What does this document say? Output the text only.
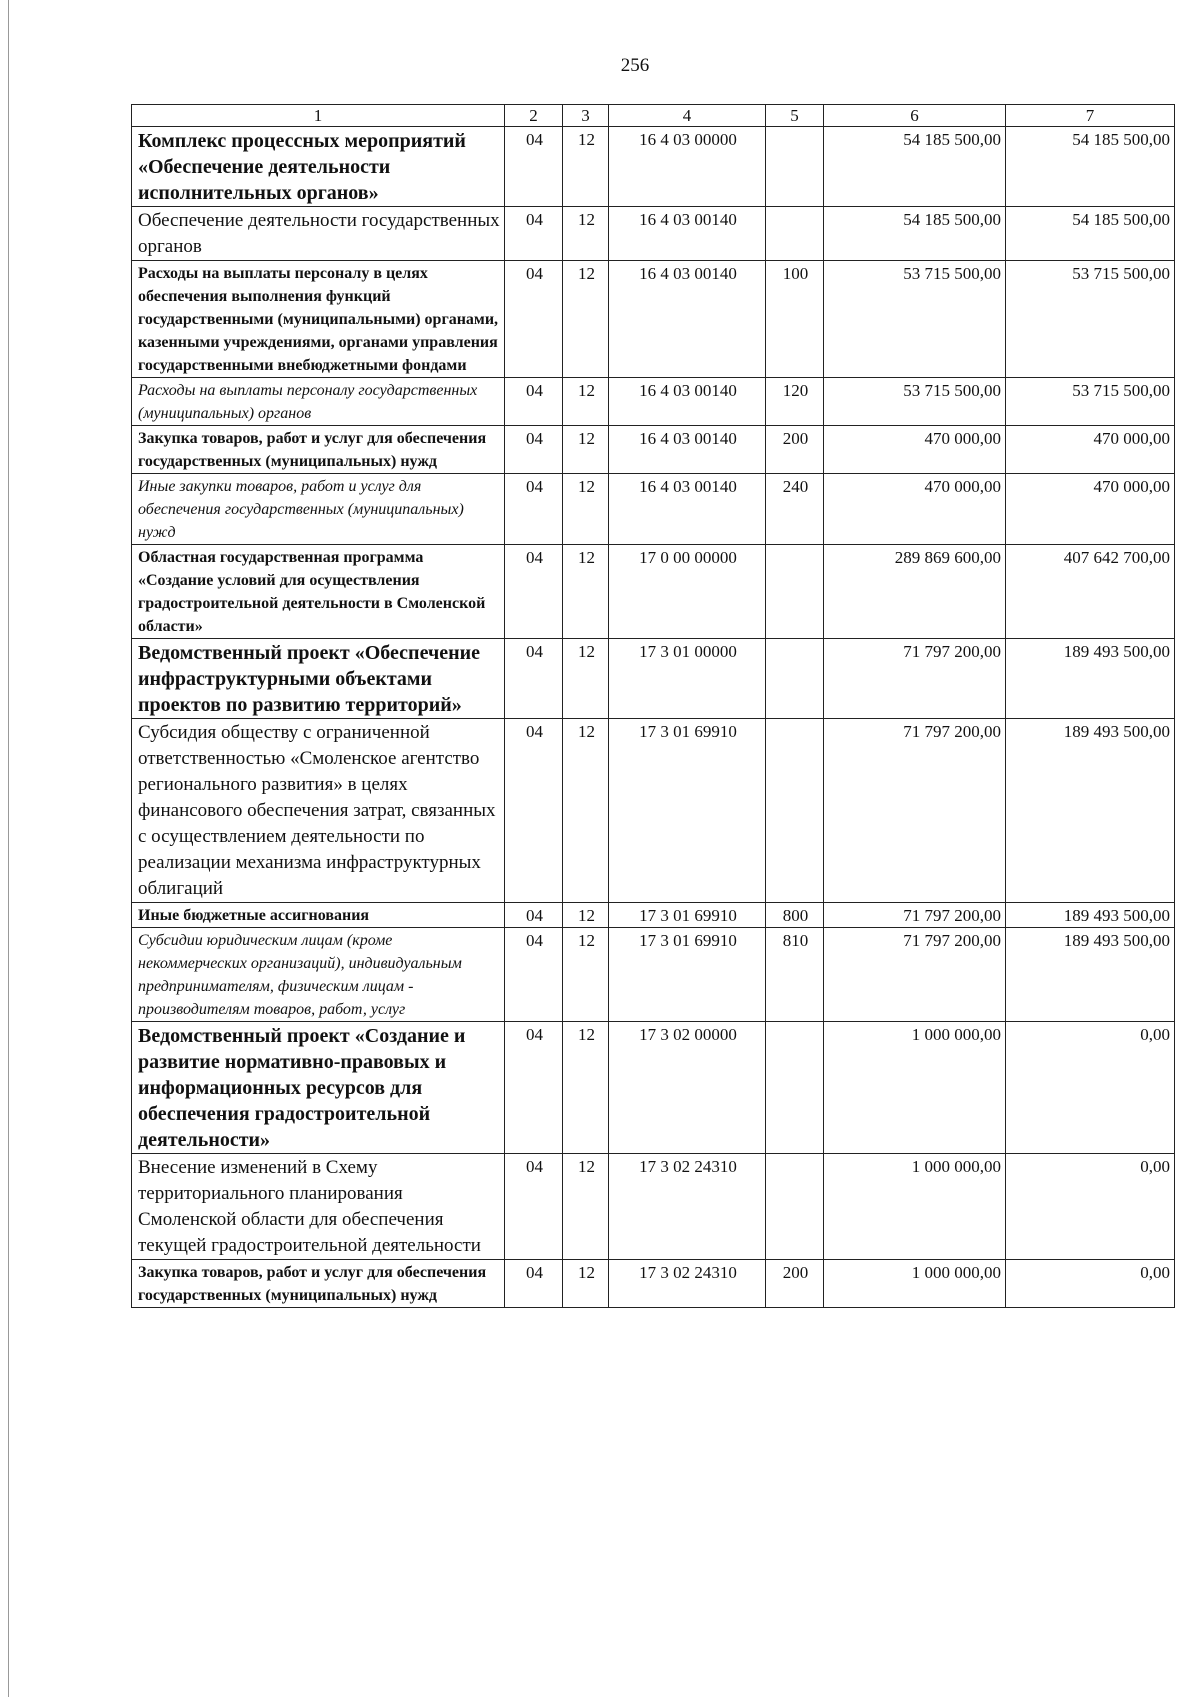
256
1	2	3	4	5	6	7
Комплекс процессных мероприятий «Обеспечение деятельности исполнительных органов»	04	12	16 4 03 00000		54 185 500,00	54 185 500,00
Обеспечение деятельности государственных органов	04	12	16 4 03 00140		54 185 500,00	54 185 500,00
Расходы на выплаты персоналу в целях обеспечения выполнения функций государственными (муниципальными) органами, казенными учреждениями, органами управления государственными внебюджетными фондами	04	12	16 4 03 00140	100	53 715 500,00	53 715 500,00
Расходы на выплаты персоналу государственных (муниципальных) органов	04	12	16 4 03 00140	120	53 715 500,00	53 715 500,00
Закупка товаров, работ и услуг для обеспечения государственных (муниципальных) нужд	04	12	16 4 03 00140	200	470 000,00	470 000,00
Иные закупки товаров, работ и услуг для обеспечения государственных (муниципальных) нужд	04	12	16 4 03 00140	240	470 000,00	470 000,00
Областная государственная программа «Создание условий для осуществления градостроительной деятельности в Смоленской области»	04	12	17 0 00 00000		289 869 600,00	407 642 700,00
Ведомственный проект «Обеспечение инфраструктурными объектами проектов по развитию территорий»	04	12	17 3 01 00000		71 797 200,00	189 493 500,00
Субсидия обществу с ограниченной ответственностью «Смоленское агентство регионального развития» в целях финансового обеспечения затрат, связанных с осуществлением деятельности по реализации механизма инфраструктурных облигаций	04	12	17 3 01 69910		71 797 200,00	189 493 500,00
Иные бюджетные ассигнования	04	12	17 3 01 69910	800	71 797 200,00	189 493 500,00
Субсидии юридическим лицам (кроме некоммерческих организаций), индивидуальным предпринимателям, физическим лицам - производителям товаров, работ, услуг	04	12	17 3 01 69910	810	71 797 200,00	189 493 500,00
Ведомственный проект «Создание и развитие нормативно-правовых и информационных ресурсов для обеспечения градостроительной деятельности»	04	12	17 3 02 00000		1 000 000,00	0,00
Внесение изменений в Схему территориального планирования Смоленской области для обеспечения текущей градостроительной деятельности	04	12	17 3 02 24310		1 000 000,00	0,00
Закупка товаров, работ и услуг для обеспечения государственных (муниципальных) нужд	04	12	17 3 02 24310	200	1 000 000,00	0,00
